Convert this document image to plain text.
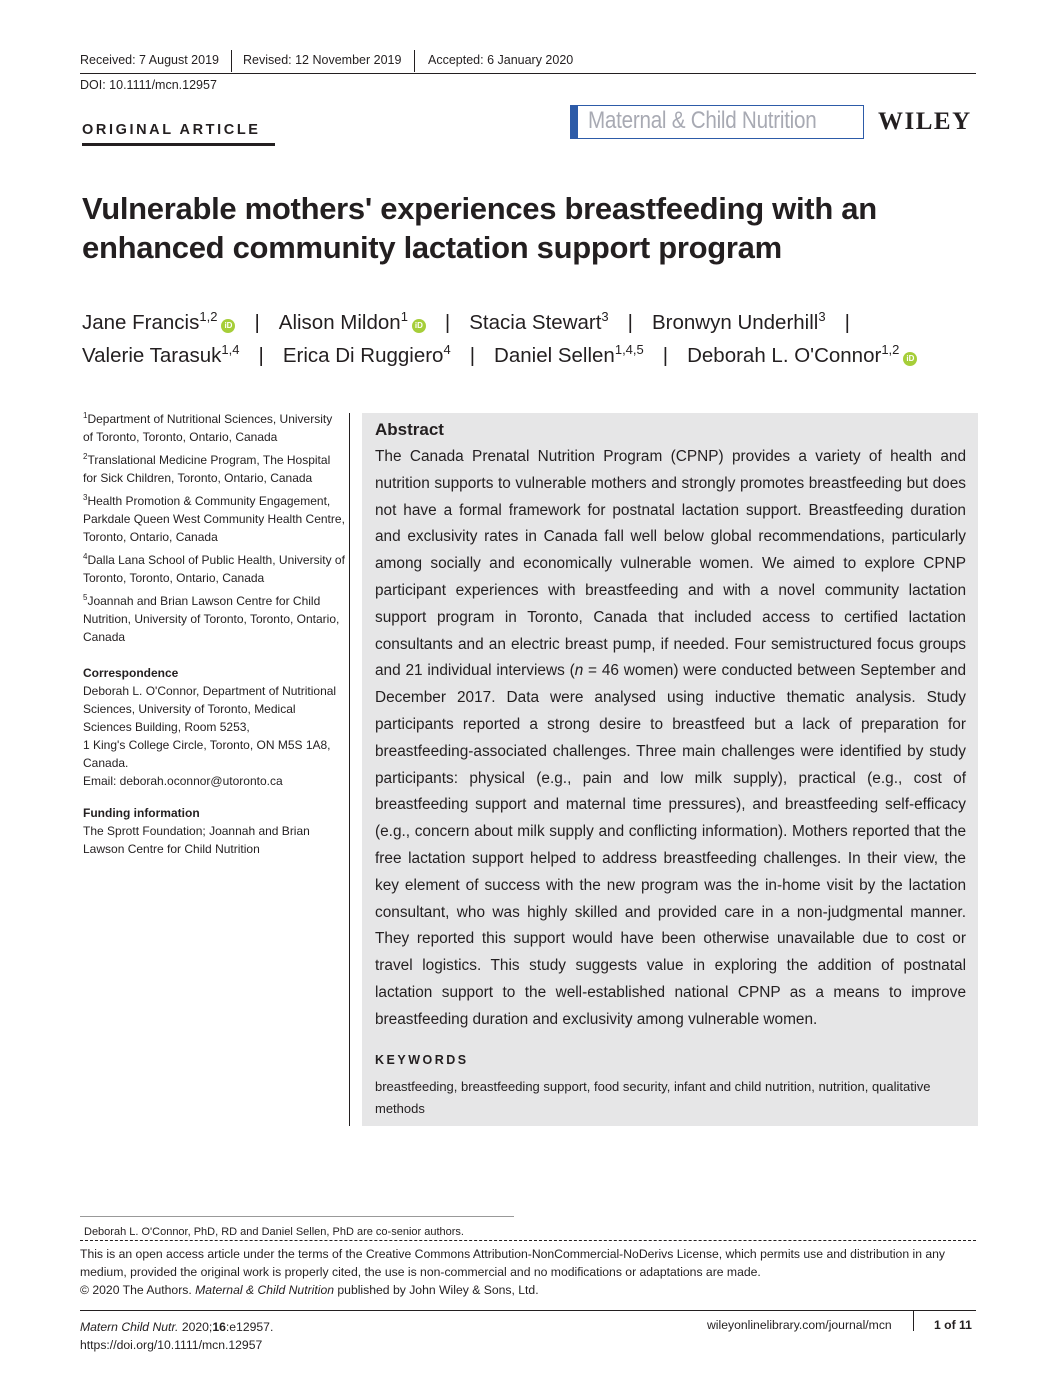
Received: 7 August 2019 Revised: 12 November 2019 Accepted: 6 January 2020
DOI: 10.1111/mcn.12957
ORIGINAL ARTICLE	Maternal & Child Nutrition WILEY
Vulnerable mothers' experiences breastfeeding with an
enhanced community lactation support program
Jane Francis$^{1,2}$iD | Alison Mildon$^1$iD | Stacia Stewart$^3$ | Bronwyn Underhill$^3$ |
Valerie Tarasuk$^{1,4}$ | Erica Di Ruggiero$^4$ | Daniel Sellen$^{1,4,5}$ | Deborah L. O'Connor$^{1,2}$iD

$^1$Department of Nutritional Sciences, University of Toronto, Toronto, Ontario, Canada

$^2$Translational Medicine Program, The Hospital for Sick Children, Toronto, Ontario, Canada

$^3$Health Promotion & Community Engagement, Parkdale Queen West Community Health Centre, Toronto, Ontario, Canada

$^4$Dalla Lana School of Public Health, University of Toronto, Toronto, Ontario, Canada

$^5$Joannah and Brian Lawson Centre for Child Nutrition, University of Toronto, Toronto, Ontario, Canada

Correspondence
Deborah L. O'Connor, Department of Nutritional Sciences, University of Toronto, Medical Sciences Building, Room 5253,
1 King's College Circle, Toronto, ON M5S 1A8, Canada.
Email: deborah.oconnor@utoronto.ca
Funding information
The Sprott Foundation; Joannah and Brian Lawson Centre for Child Nutrition
Abstract
The Canada Prenatal Nutrition Program (CPNP) provides a variety of health and nutrition supports to vulnerable mothers and strongly promotes breastfeeding but does not have a formal framework for postnatal lactation support. Breastfeeding duration and exclusivity rates in Canada fall well below global recommendations, particularly among socially and economically vulnerable women. We aimed to explore CPNP participant experiences with breastfeeding and with a novel community lactation support program in Toronto, Canada that included access to certified lactation consultants and an electric breast pump, if needed. Four semistructured focus groups and 21 individual interviews (n = 46 women) were conducted between September and December 2017. Data were analysed using inductive thematic analysis. Study participants reported a strong desire to breastfeed but a lack of preparation for breastfeeding-associated challenges. Three main challenges were identified by study participants: physical (e.g., pain and low milk supply), practical (e.g., cost of breastfeeding support and maternal time pressures), and breastfeeding self-efficacy (e.g., concern about milk supply and conflicting information). Mothers reported that the free lactation support helped to address breastfeeding challenges. In their view, the key element of success with the new program was the in-home visit by the lactation consultant, who was highly skilled and provided care in a non-judgmental manner. They reported this support would have been otherwise unavailable due to cost or travel logistics. This study suggests value in exploring the addition of postnatal lactation support to the well-established national CPNP as a means to improve breastfeeding duration and exclusivity among vulnerable women.
KEYWORDS
breastfeeding, breastfeeding support, food security, infant and child nutrition, nutrition, qualitative methods
Deborah L. O'Connor, PhD, RD and Daniel Sellen, PhD are co-senior authors.
This is an open access article under the terms of the Creative Commons Attribution-NonCommercial-NoDerivs License, which permits use and distribution in any medium, provided the original work is properly cited, the use is non-commercial and no modifications or adaptations are made.
© 2020 The Authors. Maternal & Child Nutrition published by John Wiley & Sons, Ltd.
Matern Child Nutr. 2020;16:e12957.
https://doi.org/10.1111/mcn.12957
wileyonlinelibrary.com/journal/mcn	1 of 11
